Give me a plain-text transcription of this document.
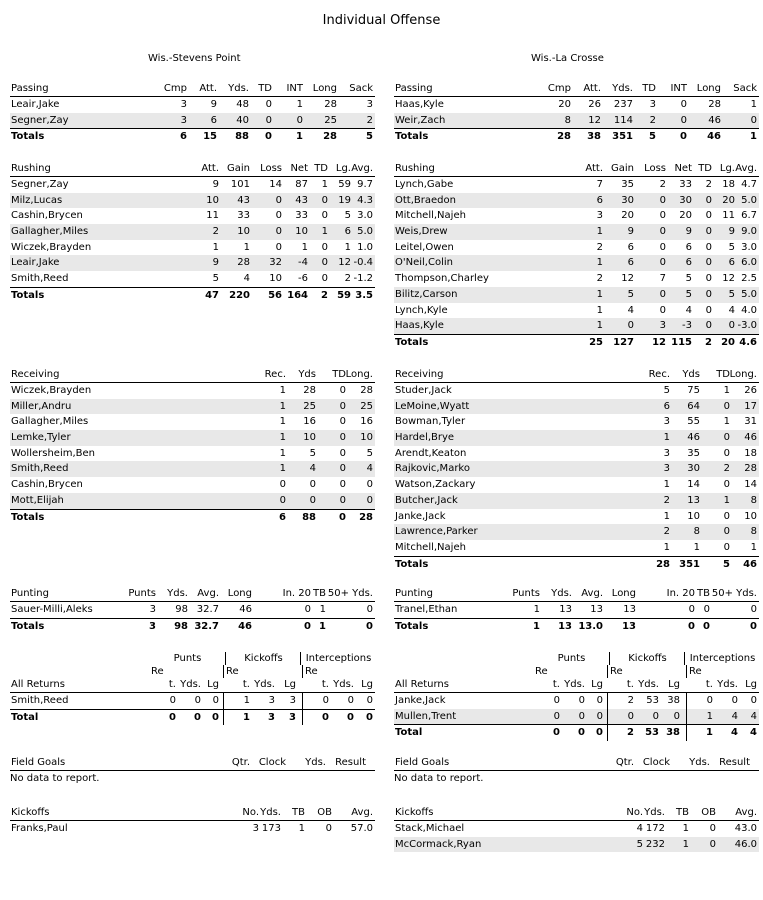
Individual Offense
Wis.-Stevens Point	Wis.-La Crosse
Passing	Cmp Att. Yds. TD INT Long Sack
Leair,Jake	3 9 48 0 1 28	3
Segner,Zay	3 6 40 0 0 25	2
Totals	6 15 88 0 1 28	5
Rushing	Att. Gain Loss Net TD Lg. Avg.
Segner,Zay	9 101 14 87 1 59 9.7
Milz,Lucas	10 43	0 43 0 19 4.3
Cashin,Brycen	11 33	0 33 0 5 3.0
Gallagher,Miles	2 10	0 10 1 6 5.0
Wiczek,Brayden	1 1	0 1 0 1 1.0
Leair,Jake	9 28 32 -4 0 12 -0.4
Smith,Reed	5 4 10 -6 0 2 -1.2
Totals	47 220 56 164 2 59 3.5
Receiving	Rec. Yds TD Long.
Wiczek,Brayden	1 28 0 28
Miller,Andru	1 25 0 25
Gallagher,Miles	1 16 0 16
Lemke,Tyler	1 10 0 10
Wollersheim,Ben	1 5 0 5
Smith,Reed	1 4 0 4
Cashin,Brycen	0 0 0 0
Mott,Elijah	0 0 0 0
Totals	6 88 0 28
Punting	Punts Yds. Avg. Long	In. 20 TB 50+ Yds.
Sauer-Milli,Aleks	3 98 32.7 46	0 1	0
Totals	3 98 32.7 46	0 1	0
Punts	Kickoffs	Interceptions
Re	Re	Re
All Returns	t. Yds. Lg t. Yds. Lg	t. Yds. Lg
Smith,Reed	0 0 0 1 3 3	0 0 0
Total	0 0 0 1 3 3	0 0 0
Field Goals	Qtr. Clock Yds. Result
No data to report.
Kickoffs	No. Yds. TB OB Avg.
Franks,Paul	3 173 1 0 57.0
Passing	Cmp Att. Yds. TD INT Long Sack
Haas,Kyle	20 26 237 3 0 28	1
Weir,Zach	8 12 114 2 0 46	0
Totals	28 38 351 5 0 46	1
Rushing	Att. Gain Loss Net TD Lg. Avg.
Lynch,Gabe	7 35	2 33 2 18 4.7
Ott,Braedon	6 30	0 30 0 20 5.0
Mitchell,Najeh	3 20	0 20 0 11 6.7
Weis,Drew	1 9	0 9 0 9 9.0
Leitel,Owen	2 6	0 6 0 5 3.0
O'Neil,Colin	1 6	0 6 0 6 6.0
Thompson,Charley	2 12	7 5 0 12 2.5
Bilitz,Carson	1 5	0 5 0 5 5.0
Lynch,Kyle	1 4	0 4 0 4 4.0
Haas,Kyle	1 0	3 -3 0 0 -3.0
Totals	25 127 12 115 2 20 4.6
Receiving	Rec. Yds TD Long.
Studer,Jack	5 75 1 26
LeMoine,Wyatt	6 64 0 17
Bowman,Tyler	3 55 1 31
Hardel,Brye	1 46 0 46
Arendt,Keaton	3 35 0 18
Rajkovic,Marko	3 30 2 28
Watson,Zackary	1 14 0 14
Butcher,Jack	2 13 1 8
Janke,Jack	1 10 0 10
Lawrence,Parker	2 8 0 8
Mitchell,Najeh	1 1 0 1
Totals	28 351 5 46
Punting	Punts Yds. Avg. Long	In. 20 TB 50+ Yds.
Tranel,Ethan	1 13 13 13	0 0	0
Totals	1 13 13.0 13	0 0	0
Punts	Kickoffs	Interceptions
Re	Re	Re
All Returns	t. Yds. Lg t. Yds. Lg	t. Yds. Lg
Janke,Jack	0 0 0 2 53 38	0 0 0
Mullen,Trent	0 0 0 0 0 0	1 4 4
Total	0 0 0 2 53 38	1 4 4
Field Goals	Qtr. Clock Yds. Result
No data to report.
Kickoffs	No. Yds. TB OB Avg.
Stack,Michael	4 172 1 0 43.0
McCormack,Ryan	5 232 1 0 46.0
